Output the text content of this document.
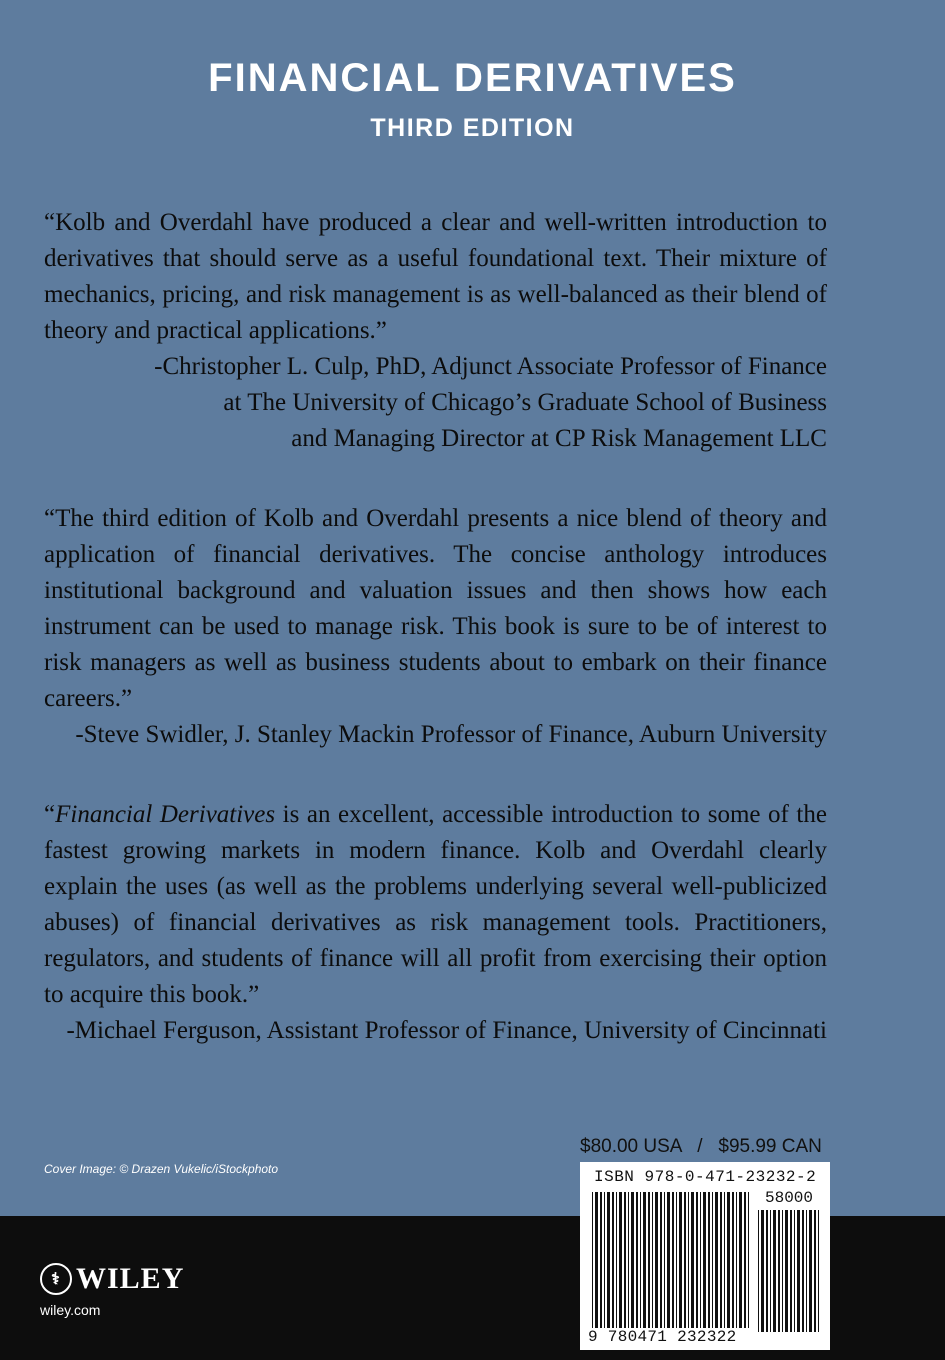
FINANCIAL DERIVATIVES
THIRD EDITION

“Kolb and Overdahl have produced a clear and well-written introduction to derivatives that should serve as a useful foundational text. Their mixture of mechanics, pricing, and risk management is as well-balanced as their blend of theory and practical applications.”

-Christopher L. Culp, PhD, Adjunct Associate Professor of Finance
at The University of Chicago’s Graduate School of Business
and Managing Director at CP Risk Management LLC

“The third edition of Kolb and Overdahl presents a nice blend of theory and application of financial derivatives. The concise anthology introduces institutional background and valuation issues and then shows how each instrument can be used to manage risk. This book is sure to be of interest to risk managers as well as business students about to embark on their finance careers.”

-Steve Swidler, J. Stanley Mackin Professor of Finance, Auburn University

“Financial Derivatives is an excellent, accessible introduction to some of the fastest growing markets in modern finance. Kolb and Overdahl clearly explain the uses (as well as the problems underlying several well-publicized abuses) of financial derivatives as risk management tools. Practitioners, regulators, and students of finance will all profit from exercising their option to acquire this book.”

-Michael Ferguson, Assistant Professor of Finance, University of Cincinnati
Cover Image: © Drazen Vukelic/iStockphoto
$80.00 USA / $95.99 CAN
⚕ WILEY
wiley.com
ISBN 978-0-471-23232-2
58000
9 780471 232322
